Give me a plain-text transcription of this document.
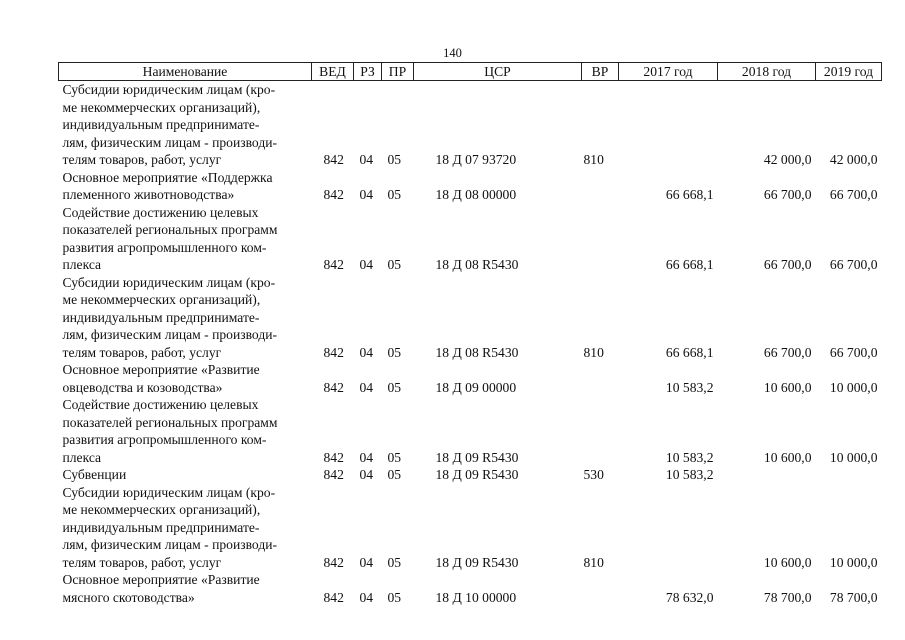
140
Наименование	ВЕД	РЗ	ПР	ЦСР	ВР	2017 год	2018 год	2019 год

Субсидии юридическим лицам (кро-
ме некоммерческих организаций),
индивидуальным предпринимате-
лям, физическим лицам - производи-
телям товаров, работ, услуг	842	04	05	18 Д 07 93720	810		42 000,0	42 000,0

Основное мероприятие «Поддержка
племенного животноводства»	842	04	05	18 Д 08 00000		66 668,1	66 700,0	66 700,0

Содействие достижению целевых
показателей региональных программ
развития агропромышленного ком-
плекса	842	04	05	18 Д 08 R5430		66 668,1	66 700,0	66 700,0

Субсидии юридическим лицам (кро-
ме некоммерческих организаций),
индивидуальным предпринимате-
лям, физическим лицам - производи-
телям товаров, работ, услуг	842	04	05	18 Д 08 R5430	810	66 668,1	66 700,0	66 700,0

Основное мероприятие «Развитие
овцеводства и козоводства»	842	04	05	18 Д 09 00000		10 583,2	10 600,0	10 000,0

Содействие достижению целевых
показателей региональных программ
развития агропромышленного ком-
плекса	842	04	05	18 Д 09 R5430		10 583,2	10 600,0	10 000,0

Субвенции	842	04	05	18 Д 09 R5430	530	10 583,2		

Субсидии юридическим лицам (кро-
ме некоммерческих организаций),
индивидуальным предпринимате-
лям, физическим лицам - производи-
телям товаров, работ, услуг	842	04	05	18 Д 09 R5430	810		10 600,0	10 000,0

Основное мероприятие «Развитие
мясного скотоводства»	842	04	05	18 Д 10 00000		78 632,0	78 700,0	78 700,0
